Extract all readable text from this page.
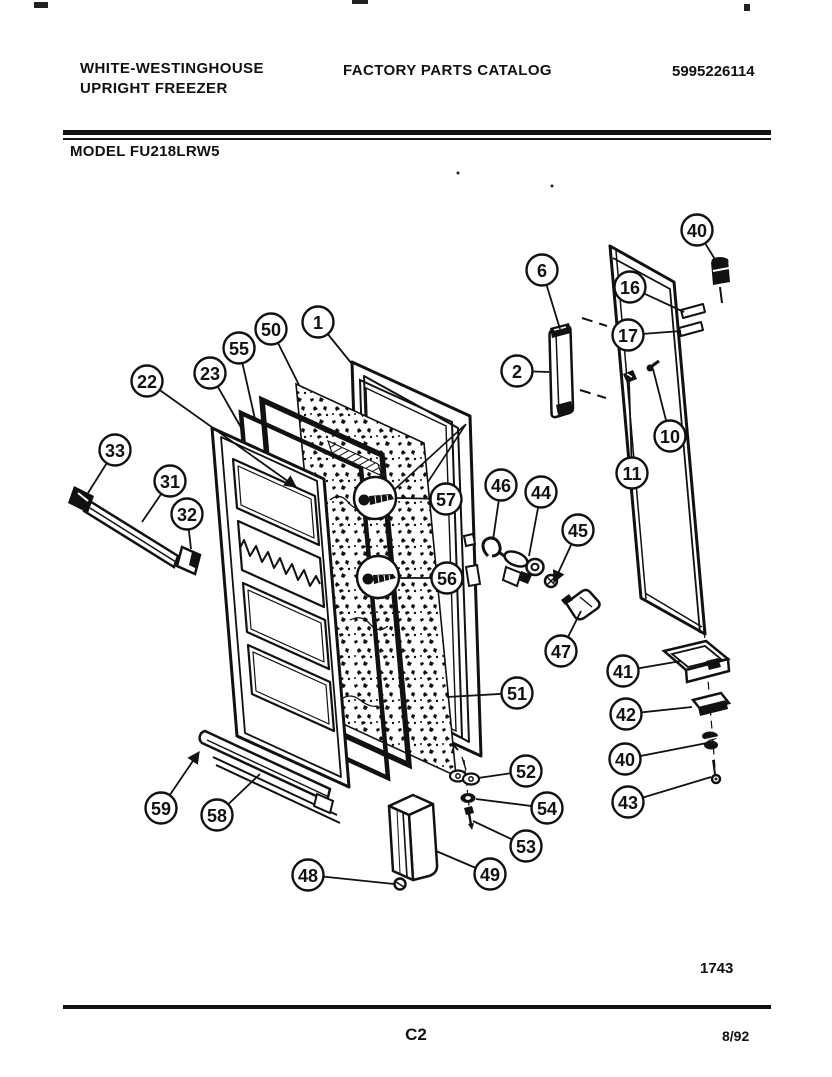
WHITE-WESTINGHOUSE
UPRIGHT FREEZER
FACTORY PARTS CATALOG	5995226114
MODEL FU218LRW5
1
50
55
23
22
33
31
32
6
2
16
17
40
10
11
57
56
46 44
45
47
41
42
40
43
51
52
54
53
59 58
48	49
1743
C2	8/92
